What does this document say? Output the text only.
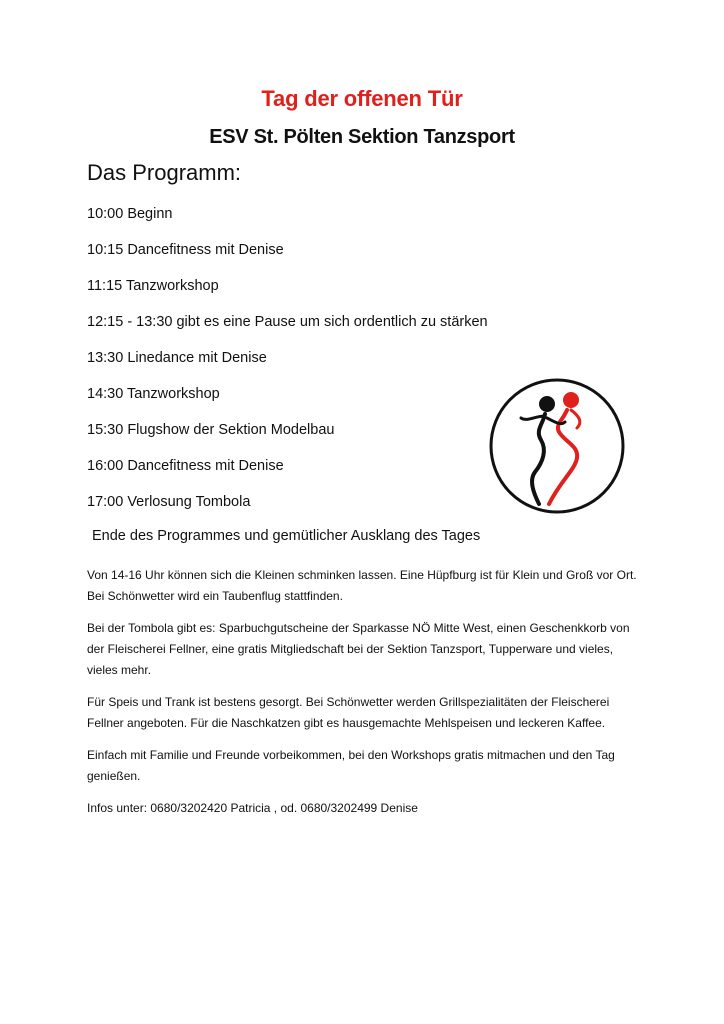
Tag der offenen Tür
ESV St. Pölten Sektion Tanzsport
Das Programm:
10:00 Beginn
10:15 Dancefitness mit Denise
11:15 Tanzworkshop
12:15 - 13:30 gibt es eine Pause um sich ordentlich zu stärken
13:30 Linedance mit Denise
14:30 Tanzworkshop
15:30 Flugshow der Sektion Modelbau
16:00 Dancefitness mit Denise
17:00 Verlosung Tombola
Ende des Programmes und gemütlicher Ausklang des Tages

Von 14-16 Uhr können sich die Kleinen schminken lassen. Eine Hüpfburg ist für Klein und Groß vor Ort. Bei Schönwetter wird ein Taubenflug stattfinden.

Bei der Tombola gibt es: Sparbuchgutscheine der Sparkasse NÖ Mitte West, einen Geschenkkorb von der Fleischerei Fellner, eine gratis Mitgliedschaft bei der Sektion Tanzsport, Tupperware und vieles, vieles mehr.

Für Speis und Trank ist bestens gesorgt. Bei Schönwetter werden Grillspezialitäten der Fleischerei Fellner angeboten. Für die Naschkatzen gibt es hausgemachte Mehlspeisen und leckeren Kaffee.

Einfach mit Familie und Freunde vorbeikommen, bei den Workshops gratis mitmachen und den Tag genießen.

Infos unter: 0680/3202420 Patricia , od. 0680/3202499 Denise
